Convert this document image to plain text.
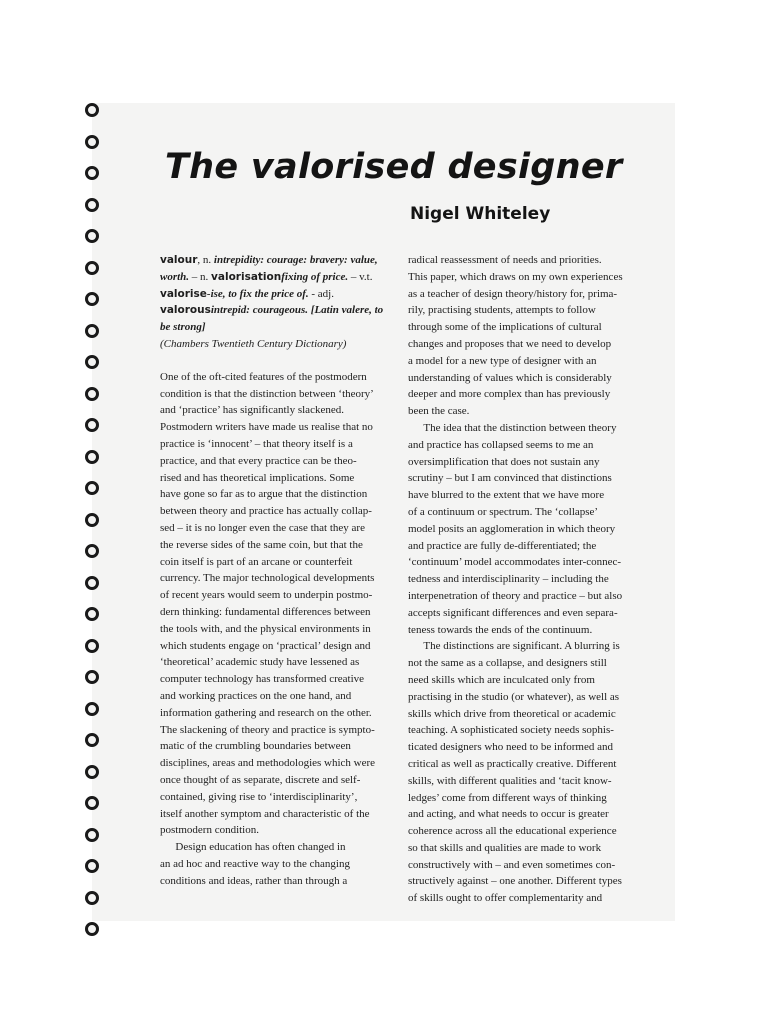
The valorised designer
Nigel Whiteley

valour, n. intrepidity: courage: bravery: value, worth. – n. valorisationfixing of price. – v.t. valorise-ise, to fix the price of. - adj. valorousintrepid: courageous. [Latin valere, to be strong]
(Chambers Twentieth Century Dictionary)

One of the oft-cited features of the postmodern
condition is that the distinction between ‘theory’
and ‘practice’ has significantly slackened.
Postmodern writers have made us realise that no
practice is ‘innocent’ – that theory itself is a
practice, and that every practice can be theo-
rised and has theoretical implications. Some
have gone so far as to argue that the distinction
between theory and practice has actually collap-
sed – it is no longer even the case that they are
the reverse sides of the same coin, but that the
coin itself is part of an arcane or counterfeit
currency. The major technological developments
of recent years would seem to underpin postmo-
dern thinking: fundamental differences between
the tools with, and the physical environments in
which students engage on ‘practical’ design and
‘theoretical’ academic study have lessened as
computer technology has transformed creative
and working practices on the one hand, and
information gathering and research on the other.
The slackening of theory and practice is sympto-
matic of the crumbling boundaries between
disciplines, areas and methodologies which were
once thought of as separate, discrete and self-
contained, giving rise to ‘interdisciplinarity’,
itself another symptom and characteristic of the
postmodern condition.

Design education has often changed in
an ad hoc and reactive way to the changing
conditions and ideas, rather than through a

radical reassessment of needs and priorities.
This paper, which draws on my own experiences
as a teacher of design theory/history for, prima-
rily, practising students, attempts to follow
through some of the implications of cultural
changes and proposes that we need to develop
a model for a new type of designer with an
understanding of values which is considerably
deeper and more complex than has previously
been the case.

The idea that the distinction between theory
and practice has collapsed seems to me an
oversimplification that does not sustain any
scrutiny – but I am convinced that distinctions
have blurred to the extent that we have more
of a continuum or spectrum. The ‘collapse’
model posits an agglomeration in which theory
and practice are fully de-differentiated; the
‘continuum’ model accommodates inter-connec-
tedness and interdisciplinarity – including the
interpenetration of theory and practice – but also
accepts significant differences and even separa-
teness towards the ends of the continuum.

The distinctions are significant. A blurring is
not the same as a collapse, and designers still
need skills which are inculcated only from
practising in the studio (or whatever), as well as
skills which drive from theoretical or academic
teaching. A sophisticated society needs sophis-
ticated designers who need to be informed and
critical as well as practically creative. Different
skills, with different qualities and ‘tacit know-
ledges’ come from different ways of thinking
and acting, and what needs to occur is greater
coherence across all the educational experience
so that skills and qualities are made to work
constructively with – and even sometimes con-
structively against – one another. Different types
of skills ought to offer complementarity and
